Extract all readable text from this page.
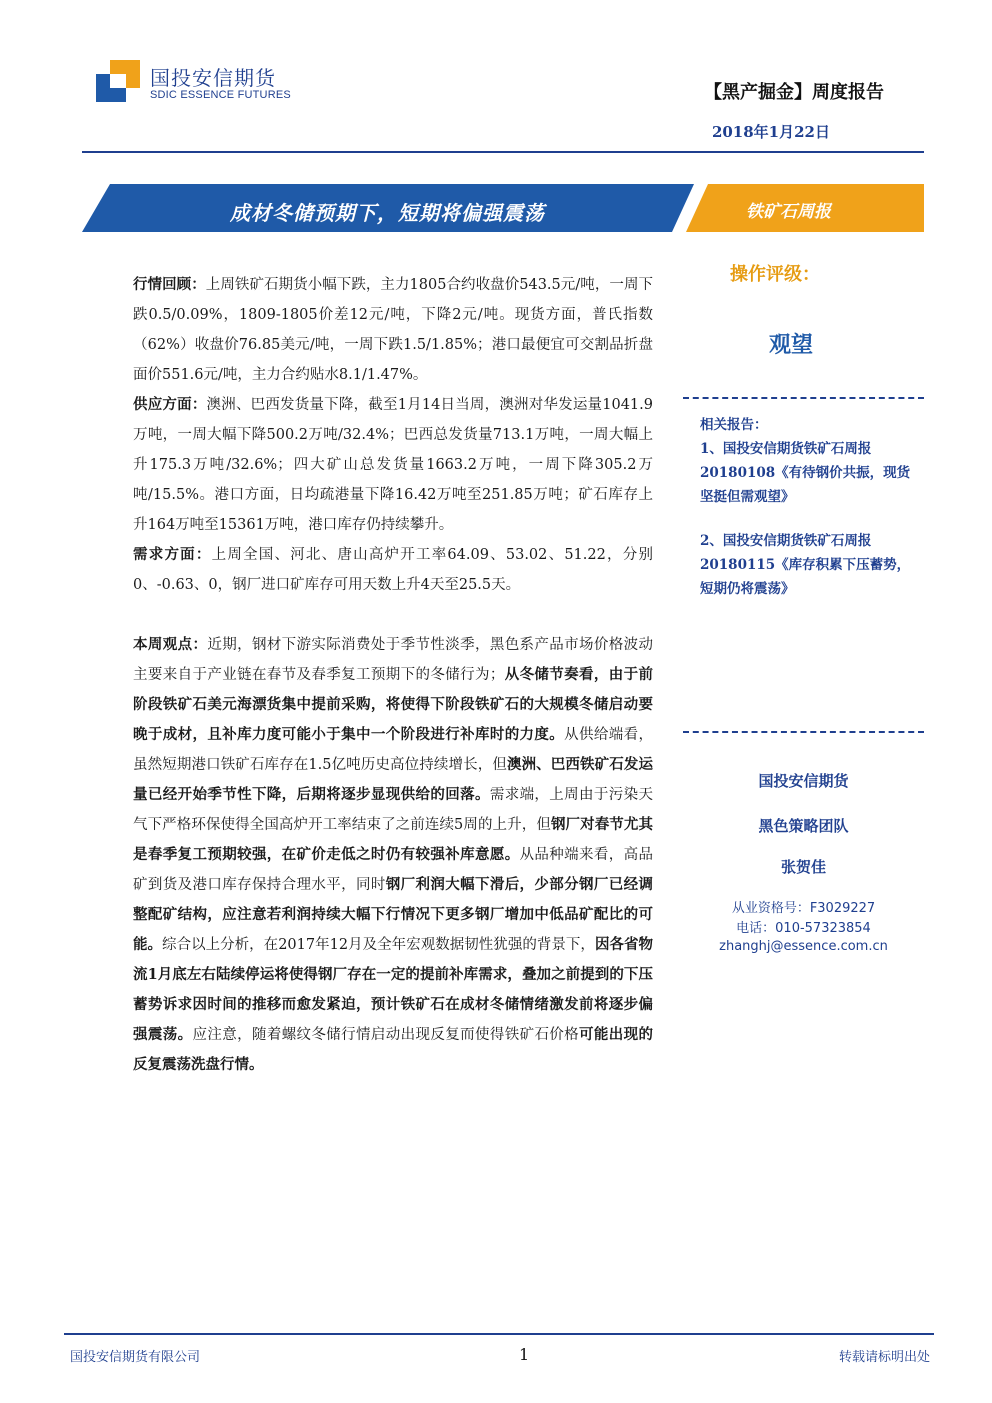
国投安信期货
SDIC ESSENCE FUTURES	【黑产掘金】周度报告
2018年1月22日
成材冬储预期下，短期将偏强震荡	铁矿石周报

行情回顾：上周铁矿石期货小幅下跌，主力1805合约收盘价543.5元/吨，一周下跌0.5/0.09%，1809-1805价差12元/吨，下降2元/吨。现货方面，普氏指数（62%）收盘价76.85美元/吨，一周下跌1.5/1.85%；港口最便宜可交割品折盘面价551.6元/吨，主力合约贴水8.1/1.47%。

供应方面：澳洲、巴西发货量下降，截至1月14日当周，澳洲对华发运量1041.9万吨，一周大幅下降500.2万吨/32.4%；巴西总发货量713.1万吨，一周大幅上升175.3万吨/32.6%；四大矿山总发货量1663.2万吨，一周下降305.2万吨/15.5%。港口方面，日均疏港量下降16.42万吨至251.85万吨；矿石库存上升164万吨至15361万吨，港口库存仍持续攀升。

需求方面：上周全国、河北、唐山高炉开工率64.09、53.02、51.22，分别0、-0.63、0，钢厂进口矿库存可用天数上升4天至25.5天。

本周观点：近期，钢材下游实际消费处于季节性淡季，黑色系产品市场价格波动主要来自于产业链在春节及春季复工预期下的冬储行为；从冬储节奏看，由于前阶段铁矿石美元海漂货集中提前采购，将使得下阶段铁矿石的大规模冬储启动要晚于成材，且补库力度可能小于集中一个阶段进行补库时的力度。从供给端看，虽然短期港口铁矿石库存在1.5亿吨历史高位持续增长，但澳洲、巴西铁矿石发运量已经开始季节性下降，后期将逐步显现供给的回落。需求端，上周由于污染天气下严格环保使得全国高炉开工率结束了之前连续5周的上升，但钢厂对春节尤其是春季复工预期较强，在矿价走低之时仍有较强补库意愿。从品种端来看，高品矿到货及港口库存保持合理水平，同时钢厂利润大幅下滑后，少部分钢厂已经调整配矿结构，应注意若利润持续大幅下行情况下更多钢厂增加中低品矿配比的可能。综合以上分析，在2017年12月及全年宏观数据韧性犹强的背景下，因各省物流1月底左右陆续停运将使得钢厂存在一定的提前补库需求，叠加之前提到的下压蓄势诉求因时间的推移而愈发紧迫，预计铁矿石在成材冬储情绪激发前将逐步偏强震荡。应注意，随着螺纹冬储行情启动出现反复而使得铁矿石价格可能出现的反复震荡洗盘行情。

操作评级：
观望
相关报告：
1、国投安信期货铁矿石周报20180108《有待钢价共振，现货坚挺但需观望》
2、国投安信期货铁矿石周报20180115《库存积累下压蓄势，短期仍将震荡》
国投安信期货
黑色策略团队
张贺佳
从业资格号：F3029227
电话：010-57323854
zhanghj@essence.com.cn
国投安信期货有限公司	1	转载请标明出处
